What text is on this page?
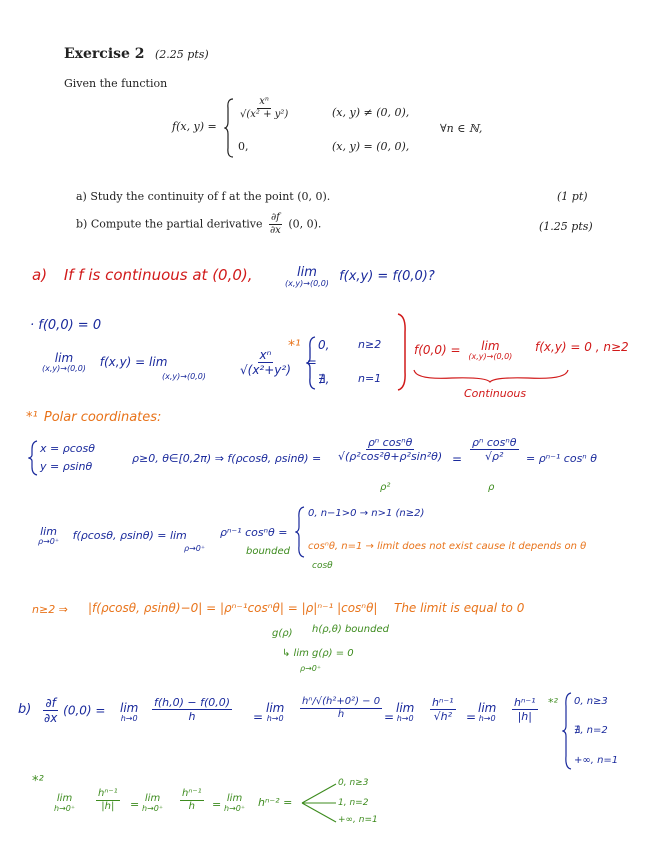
Exercise 2 (2.25 pts)
Given the function
f(x, y) =
$\frac{\text{xⁿ}}{\text{√(x² + y²)}}$	(x, y) ≠ (0, 0),
0,	(x, y) = (0, 0),
∀n ∈ ℕ,
a) Study the continuity of f at the point (0, 0).	(1 pt)
b) Compute the partial derivative $\frac{\partial f}{\partial x} (0$, 0).	(1.25 pts)
a) If f is continuous at (0,0),	lim
(x,y)→(0,0) f(x,y) = f(0,0)?
· f(0,0) = 0
lim
(x,y)→(0,0) f(x,y) = lim
(x,y)→(0,0)	$\frac{\text{xⁿ}}{\text{√(x²+y²)}}$ =
*¹ 0,	n≥2
∄,	n=1
f(0,0) = lim
(x,y)→(0,0)
f(x,y) = 0 , n≥2
Continuous
*¹ Polar coordinates:
x = ρcosθ
y = ρsinθ
ρ≥0, θ∈[0,2π) ⇒ f(ρcosθ, $\rho\sin\theta) = \frac{\text{ρⁿ cosⁿθ}}{\text{√(ρ²cos²θ+ρ²sin²θ)}}$
ρ²
= $\frac{\text{ρⁿ cosⁿθ}}{\text{√ρ²}}$
ρ
= ρⁿ⁻¹ cosⁿ θ
lim
ρ→0⁺ f(ρcosθ, ρsinθ) = lim
ρ→0⁺
ρⁿ⁻¹ cosⁿθ =
bounded
0, n−1>0 → n>1 (n≥2)
cosⁿθ, n=1 → limit does not exist cause it depends on θ
cosθ
n≥2 ⇒ |f(ρcosθ, ρsinθ)−0| = |ρⁿ⁻¹cosⁿθ| = |ρ|ⁿ⁻¹ |cosⁿθ| The limit is equal to 0
g(ρ) h(ρ,θ) bounded
↳ lim g(ρ) = 0
ρ→0⁺
$b) \frac{\partial f}{\partial x} (0,0) = \lim$
$h\to 0 \frac{f(h,0) - f(0,0)}{h}$ =
lim
$h\to 0 \frac{\text{hⁿ/√(h²+0²) − 0}}{h}$ =
lim
$h\to 0 \frac{\text{hⁿ⁻¹}}{\text{√h²}}$ =
lim
$h\to 0 \frac{\text{hⁿ⁻¹}}{|h|} *^2$ 0, n≥3
∄, n=2
+∞, n=1
*²
lim
$h\to 0^+ \frac{\text{hⁿ⁻¹}}{|h|} = \lim$
$h\to 0^+ \frac{\text{hⁿ⁻¹}}{h} = \lim$
h→0⁺ hⁿ⁻² =
0, n≥3
1, n=2
+∞, n=1
